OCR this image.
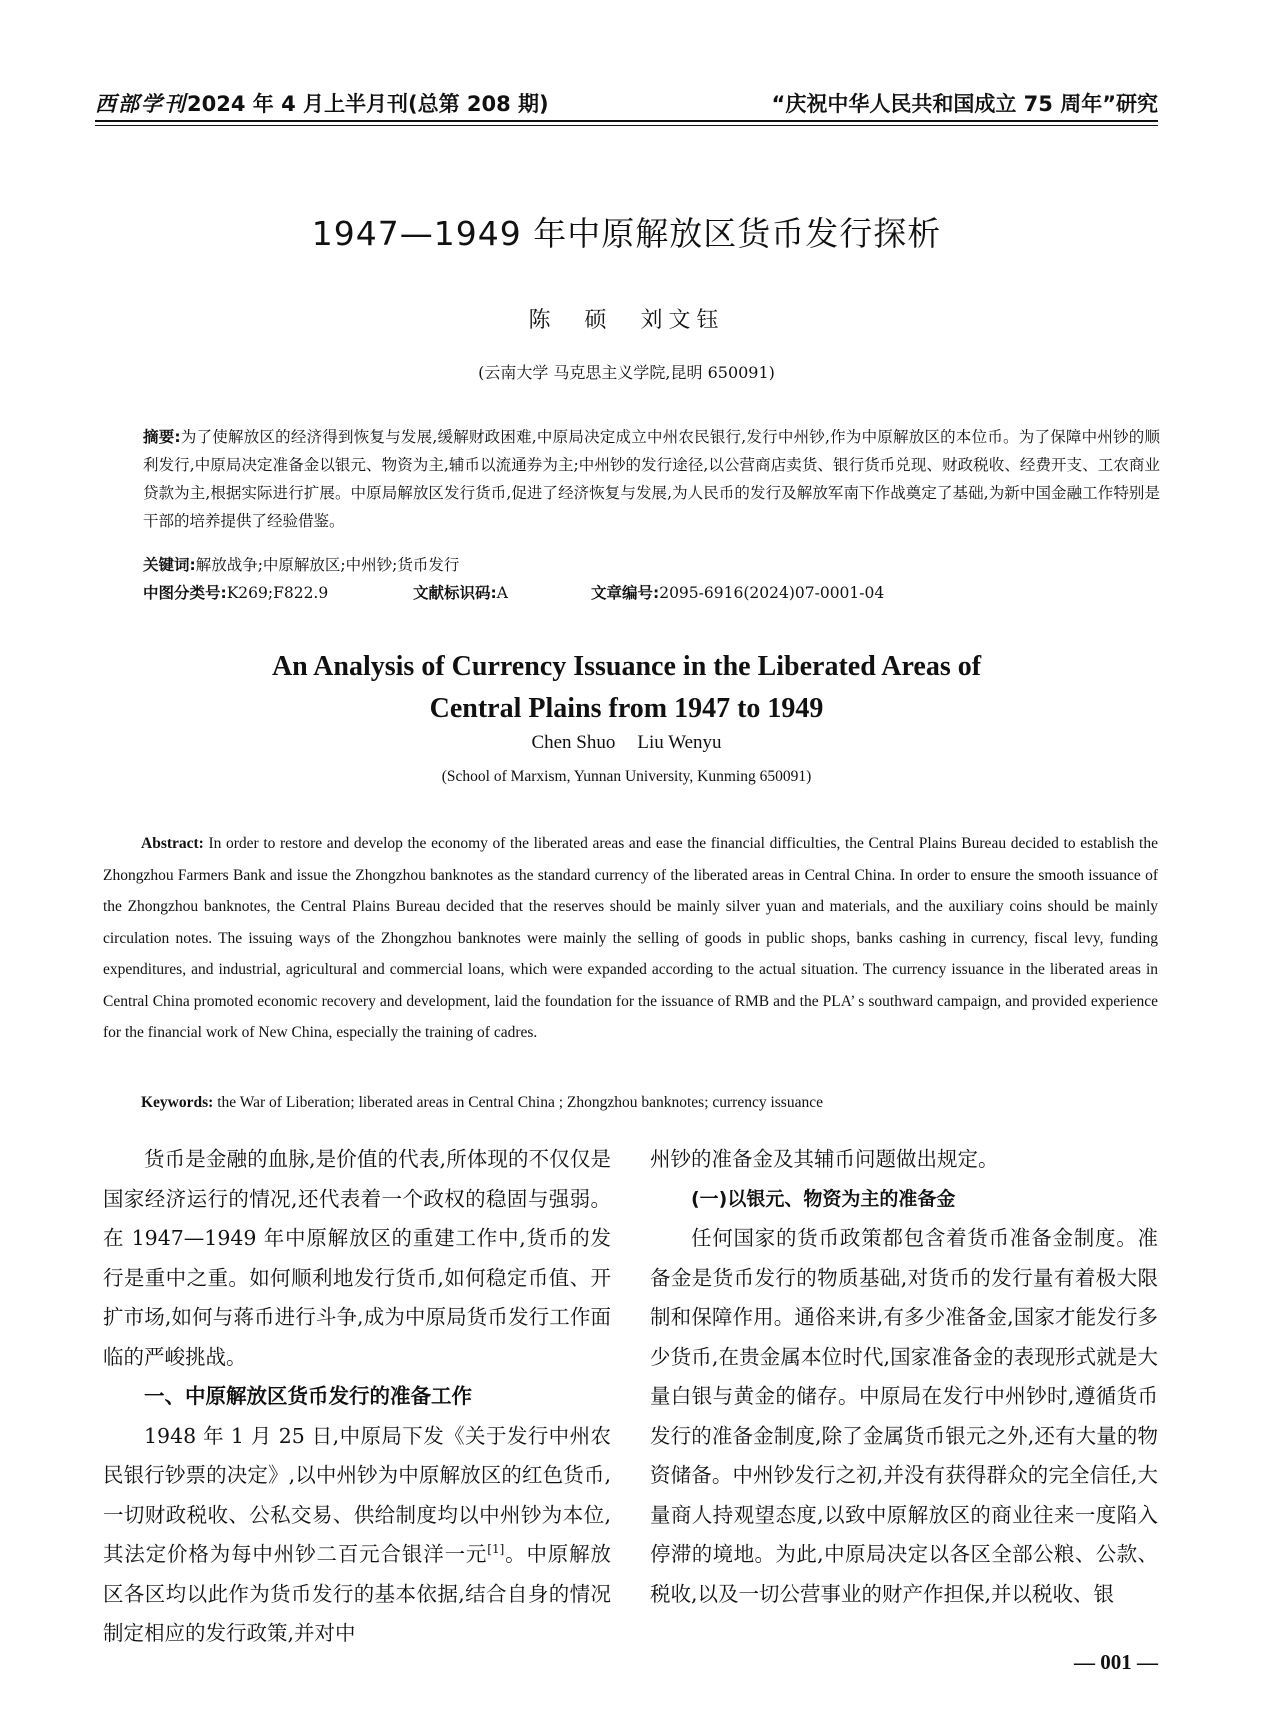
西部学刊2024 年 4 月上半月刊(总第 208 期)	“庆祝中华人民共和国成立 75 周年”研究
1947—1949 年中原解放区货币发行探析
陈　硕　刘文钰
(云南大学 马克思主义学院,昆明 650091)
摘要:为了使解放区的经济得到恢复与发展,缓解财政困难,中原局决定成立中州农民银行,发行中州钞,作为中原解放区的本位币。为了保障中州钞的顺利发行,中原局决定准备金以银元、物资为主,辅币以流通券为主;中州钞的发行途径,以公营商店卖货、银行货币兑现、财政税收、经费开支、工农商业贷款为主,根据实际进行扩展。中原局解放区发行货币,促进了经济恢复与发展,为人民币的发行及解放军南下作战奠定了基础,为新中国金融工作特别是干部的培养提供了经验借鉴。
关键词:解放战争;中原解放区;中州钞;货币发行
中图分类号:K269;F822.9	文献标识码:A	文章编号:2095-6916(2024)07-0001-04
An Analysis of Currency Issuance in the Liberated Areas of
Central Plains from 1947 to 1949
Chen Shuo Liu Wenyu
(School of Marxism, Yunnan University, Kunming 650091)
Abstract: In order to restore and develop the economy of the liberated areas and ease the financial difficulties, the Central Plains Bureau decided to establish the Zhongzhou Farmers Bank and issue the Zhongzhou banknotes as the standard currency of the liberated areas in Central China. In order to ensure the smooth issuance of the Zhongzhou banknotes, the Central Plains Bureau decided that the reserves should be mainly silver yuan and materials, and the auxiliary coins should be mainly circulation notes. The issuing ways of the Zhongzhou banknotes were mainly the selling of goods in public shops, banks cashing in currency, fiscal levy, funding expenditures, and industrial, agricultural and commercial loans, which were expanded according to the actual situation. The currency issuance in the liberated areas in Central China promoted economic recovery and development, laid the foundation for the issuance of RMB and the PLA’ s southward campaign, and provided experience for the financial work of New China, especially the training of cadres.
Keywords: the War of Liberation; liberated areas in Central China ; Zhongzhou banknotes; currency issuance

货币是金融的血脉,是价值的代表,所体现的不仅仅是国家经济运行的情况,还代表着一个政权的稳固与强弱。在 1947—1949 年中原解放区的重建工作中,货币的发行是重中之重。如何顺利地发行货币,如何稳定币值、开扩市场,如何与蒋币进行斗争,成为中原局货币发行工作面临的严峻挑战。

一、中原解放区货币发行的准备工作

1948 年 1 月 25 日,中原局下发《关于发行中州农民银行钞票的决定》,以中州钞为中原解放区的红色货币,一切财政税收、公私交易、供给制度均以中州钞为本位,其法定价格为每中州钞二百元合银洋一元[1]。中原解放区各区均以此作为货币发行的基本依据,结合自身的情况制定相应的发行政策,并对中

州钞的准备金及其辅币问题做出规定。

(一)以银元、物资为主的准备金

任何国家的货币政策都包含着货币准备金制度。准备金是货币发行的物质基础,对货币的发行量有着极大限制和保障作用。通俗来讲,有多少准备金,国家才能发行多少货币,在贵金属本位时代,国家准备金的表现形式就是大量白银与黄金的储存。中原局在发行中州钞时,遵循货币发行的准备金制度,除了金属货币银元之外,还有大量的物资储备。中州钞发行之初,并没有获得群众的完全信任,大量商人持观望态度,以致中原解放区的商业往来一度陷入停滞的境地。为此,中原局决定以各区全部公粮、公款、税收,以及一切公营事业的财产作担保,并以税收、银

— 001 —
